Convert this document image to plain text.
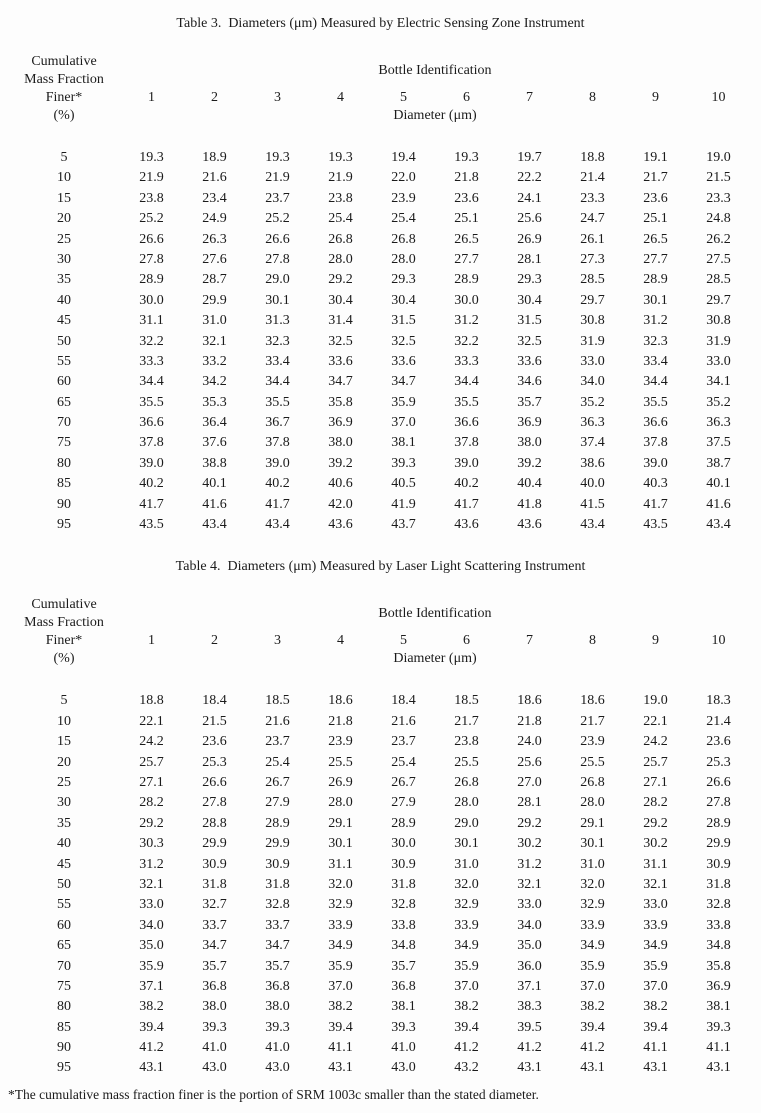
Table 3.  Diameters (μm) Measured by Electric Sensing Zone Instrument
Cumulative
Mass Fraction
Finer*
(%)
Bottle Identification
1	2	3	4	5	6	7	8	9	10
Diameter (μm)
5	19.3	18.9	19.3	19.3	19.4	19.3	19.7	18.8	19.1	19.0
10	21.9	21.6	21.9	21.9	22.0	21.8	22.2	21.4	21.7	21.5
15	23.8	23.4	23.7	23.8	23.9	23.6	24.1	23.3	23.6	23.3
20	25.2	24.9	25.2	25.4	25.4	25.1	25.6	24.7	25.1	24.8
25	26.6	26.3	26.6	26.8	26.8	26.5	26.9	26.1	26.5	26.2
30	27.8	27.6	27.8	28.0	28.0	27.7	28.1	27.3	27.7	27.5
35	28.9	28.7	29.0	29.2	29.3	28.9	29.3	28.5	28.9	28.5
40	30.0	29.9	30.1	30.4	30.4	30.0	30.4	29.7	30.1	29.7
45	31.1	31.0	31.3	31.4	31.5	31.2	31.5	30.8	31.2	30.8
50	32.2	32.1	32.3	32.5	32.5	32.2	32.5	31.9	32.3	31.9
55	33.3	33.2	33.4	33.6	33.6	33.3	33.6	33.0	33.4	33.0
60	34.4	34.2	34.4	34.7	34.7	34.4	34.6	34.0	34.4	34.1
65	35.5	35.3	35.5	35.8	35.9	35.5	35.7	35.2	35.5	35.2
70	36.6	36.4	36.7	36.9	37.0	36.6	36.9	36.3	36.6	36.3
75	37.8	37.6	37.8	38.0	38.1	37.8	38.0	37.4	37.8	37.5
80	39.0	38.8	39.0	39.2	39.3	39.0	39.2	38.6	39.0	38.7
85	40.2	40.1	40.2	40.6	40.5	40.2	40.4	40.0	40.3	40.1
90	41.7	41.6	41.7	42.0	41.9	41.7	41.8	41.5	41.7	41.6
95	43.5	43.4	43.4	43.6	43.7	43.6	43.6	43.4	43.5	43.4
Table 4.  Diameters (μm) Measured by Laser Light Scattering Instrument
Cumulative
Mass Fraction
Finer*
(%)
Bottle Identification
1	2	3	4	5	6	7	8	9	10
Diameter (μm)
5	18.8	18.4	18.5	18.6	18.4	18.5	18.6	18.6	19.0	18.3
10	22.1	21.5	21.6	21.8	21.6	21.7	21.8	21.7	22.1	21.4
15	24.2	23.6	23.7	23.9	23.7	23.8	24.0	23.9	24.2	23.6
20	25.7	25.3	25.4	25.5	25.4	25.5	25.6	25.5	25.7	25.3
25	27.1	26.6	26.7	26.9	26.7	26.8	27.0	26.8	27.1	26.6
30	28.2	27.8	27.9	28.0	27.9	28.0	28.1	28.0	28.2	27.8
35	29.2	28.8	28.9	29.1	28.9	29.0	29.2	29.1	29.2	28.9
40	30.3	29.9	29.9	30.1	30.0	30.1	30.2	30.1	30.2	29.9
45	31.2	30.9	30.9	31.1	30.9	31.0	31.2	31.0	31.1	30.9
50	32.1	31.8	31.8	32.0	31.8	32.0	32.1	32.0	32.1	31.8
55	33.0	32.7	32.8	32.9	32.8	32.9	33.0	32.9	33.0	32.8
60	34.0	33.7	33.7	33.9	33.8	33.9	34.0	33.9	33.9	33.8
65	35.0	34.7	34.7	34.9	34.8	34.9	35.0	34.9	34.9	34.8
70	35.9	35.7	35.7	35.9	35.7	35.9	36.0	35.9	35.9	35.8
75	37.1	36.8	36.8	37.0	36.8	37.0	37.1	37.0	37.0	36.9
80	38.2	38.0	38.0	38.2	38.1	38.2	38.3	38.2	38.2	38.1
85	39.4	39.3	39.3	39.4	39.3	39.4	39.5	39.4	39.4	39.3
90	41.2	41.0	41.0	41.1	41.0	41.2	41.2	41.2	41.1	41.1
95	43.1	43.0	43.0	43.1	43.0	43.2	43.1	43.1	43.1	43.1
*The cumulative mass fraction finer is the portion of SRM 1003c smaller than the stated diameter.
